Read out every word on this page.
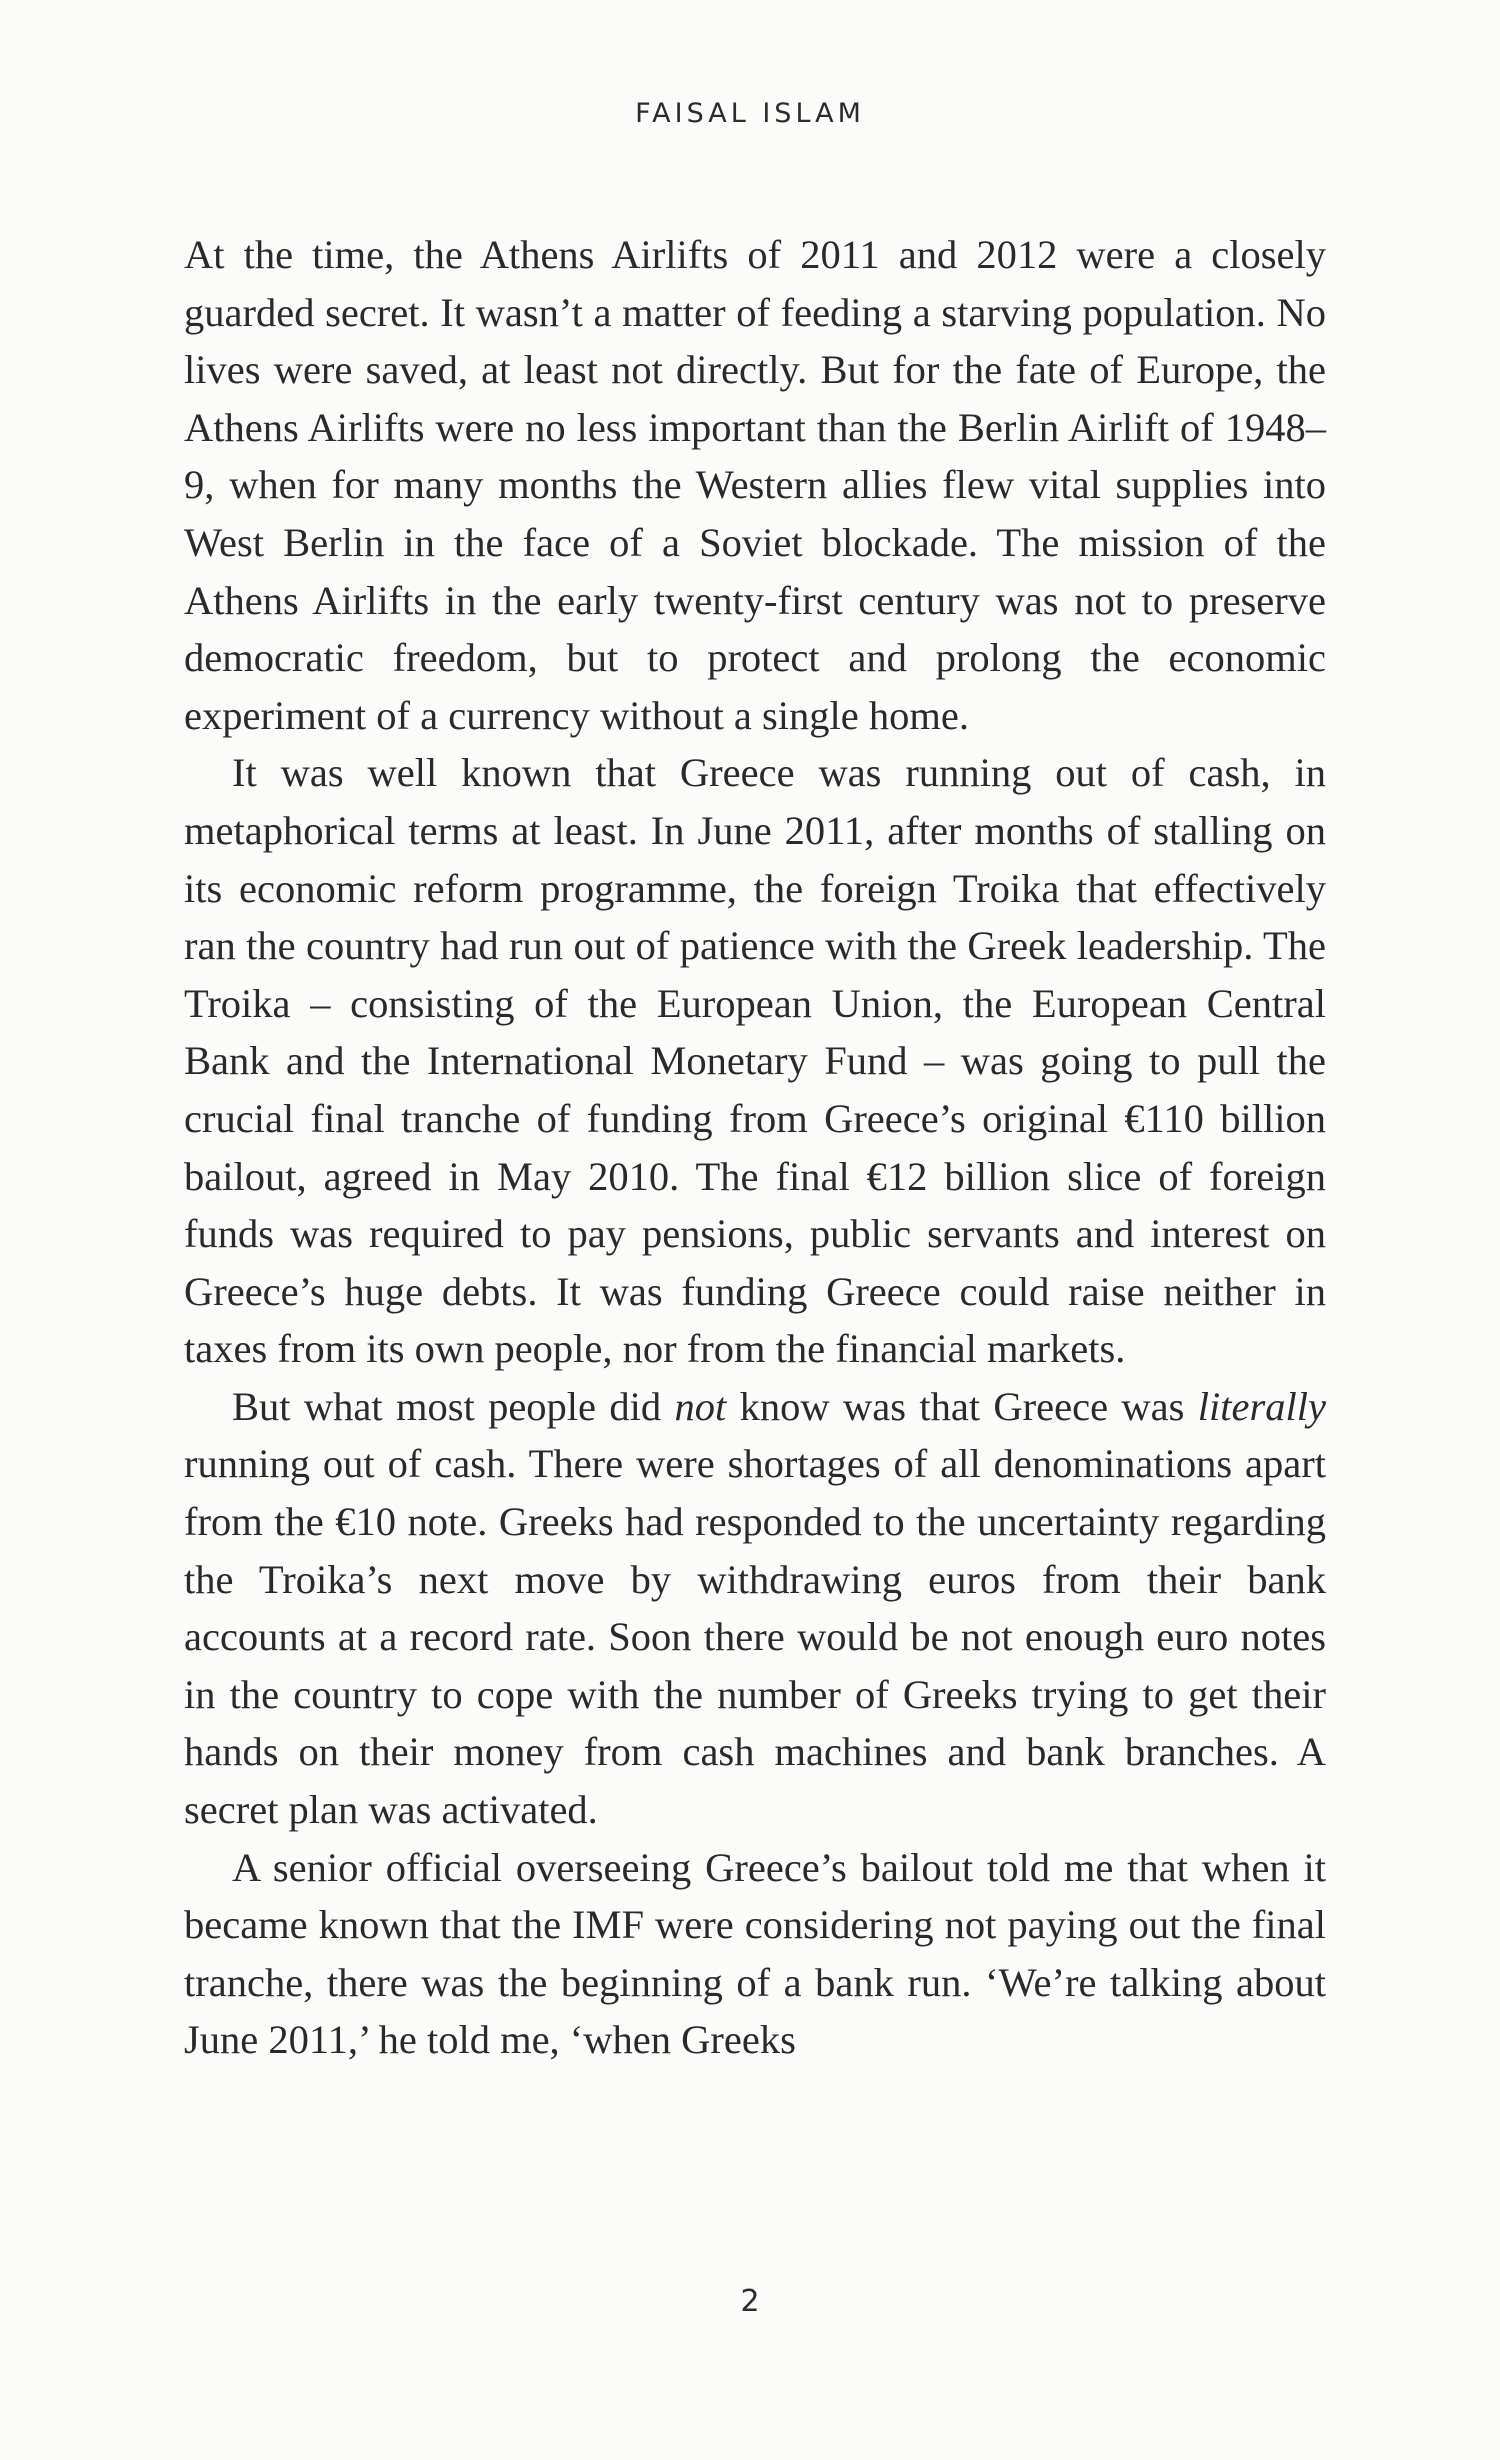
FAISAL ISLAM

At the time, the Athens Airlifts of 2011 and 2012 were a closely guarded secret. It wasn’t a matter of feeding a starving population. No lives were saved, at least not directly. But for the fate of Europe, the Athens Airlifts were no less important than the Berlin Airlift of 1948–9, when for many months the Western allies flew vital supplies into West Berlin in the face of a Soviet blockade. The mission of the Athens Airlifts in the early twenty-first century was not to preserve democratic freedom, but to protect and prolong the economic experiment of a currency without a single home.

It was well known that Greece was running out of cash, in metaphorical terms at least. In June 2011, after months of stalling on its economic reform programme, the foreign Troika that effectively ran the country had run out of patience with the Greek leadership. The Troika – consisting of the European Union, the European Central Bank and the International Monetary Fund – was going to pull the crucial final tranche of funding from Greece’s original €110 billion bailout, agreed in May 2010. The final €12 billion slice of foreign funds was required to pay pensions, public servants and interest on Greece’s huge debts. It was funding Greece could raise neither in taxes from its own people, nor from the financial markets.

But what most people did not know was that Greece was literally running out of cash. There were shortages of all denominations apart from the €10 note. Greeks had responded to the uncertainty regarding the Troika’s next move by withdrawing euros from their bank accounts at a record rate. Soon there would be not enough euro notes in the country to cope with the number of Greeks trying to get their hands on their money from cash machines and bank branches. A secret plan was activated.

A senior official overseeing Greece’s bailout told me that when it became known that the IMF were considering not paying out the final tranche, there was the beginning of a bank run. ‘We’re talking about June 2011,’ he told me, ‘when Greeks

2
